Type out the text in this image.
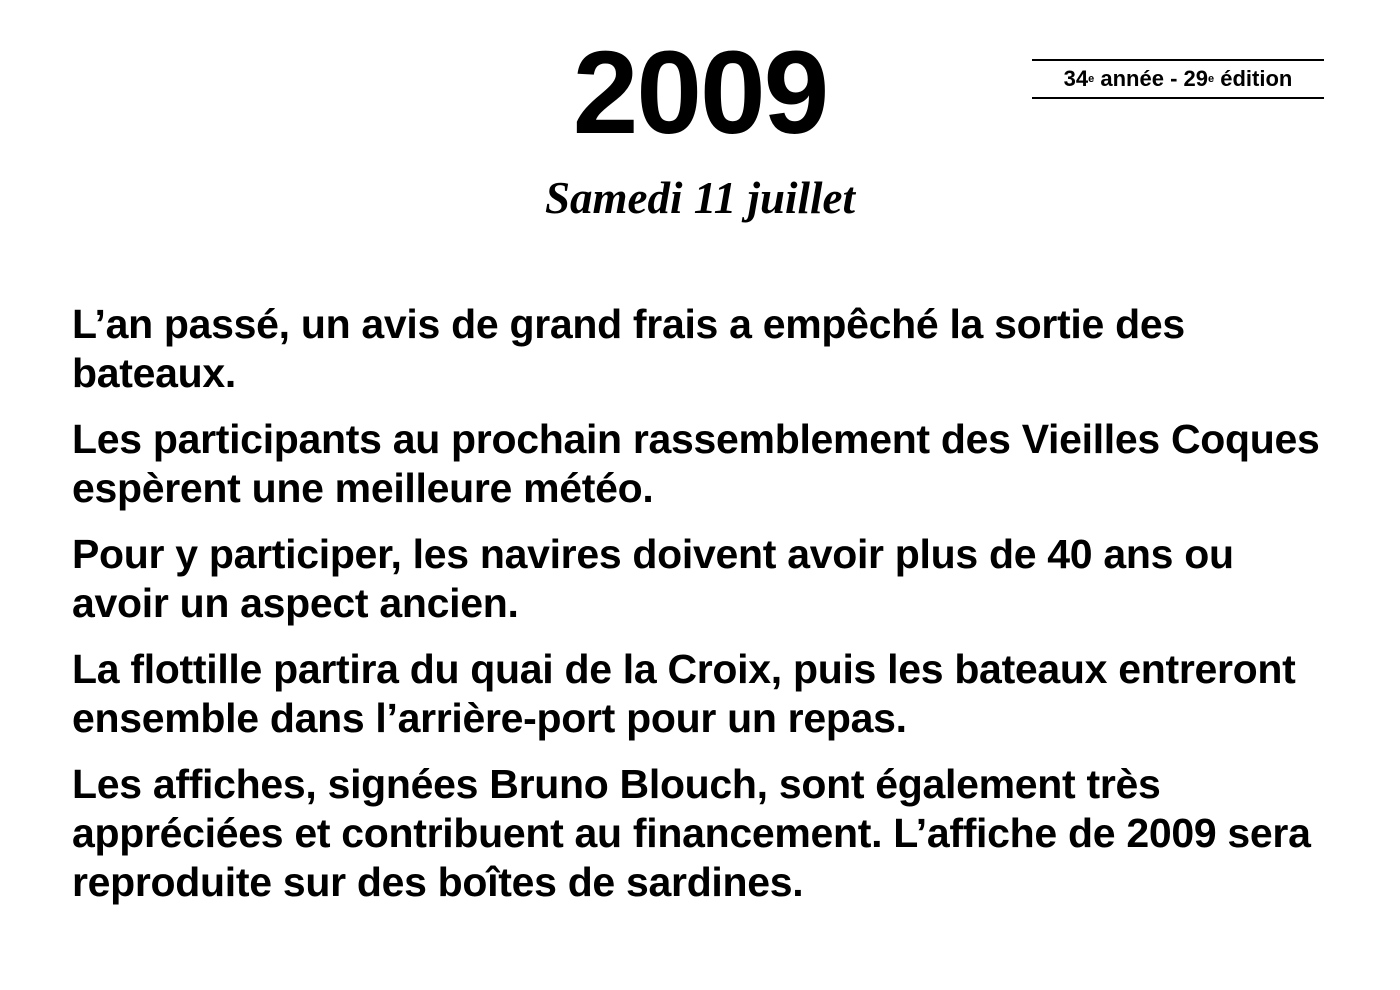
2009	34 e année - 29 e édition
Samedi 11 juillet

L’an passé, un avis de grand frais a empêché la sortie des bateaux.

Les participants au prochain rassemblement des Vieilles Coques espèrent une meilleure météo.

Pour y participer, les navires doivent avoir plus de 40 ans ou avoir un aspect ancien.

La flottille partira du quai de la Croix, puis les bateaux entreront ensemble dans l’arrière-port pour un repas.

Les affiches, signées Bruno Blouch, sont également très appréciées et contribuent au financement. L’affiche de 2009 sera reproduite sur des boîtes de sardines.
